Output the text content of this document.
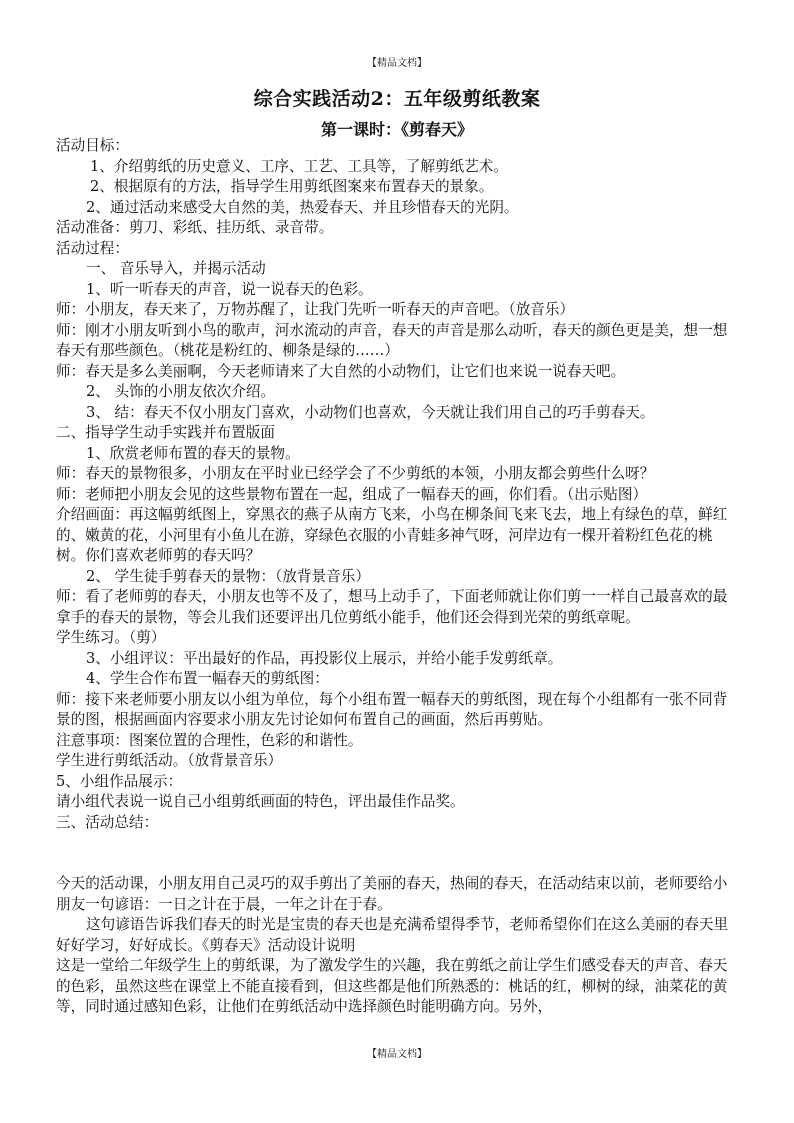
【精品文档】
综合实践活动2：五年级剪纸教案
第一课时：《剪春天》

活动目标：

1、介绍剪纸的历史意义、工序、工艺、工具等，了解剪纸艺术。

2、根据原有的方法，指导学生用剪纸图案来布置春天的景象。

2、通过活动来感受大自然的美，热爱春天、并且珍惜春天的光阴。

活动准备：剪刀、彩纸、挂历纸、录音带。

活动过程：

一、 音乐导入，并揭示活动

1、听一听春天的声音，说一说春天的色彩。

师：小朋友，春天来了，万物苏醒了，让我门先听一听春天的声音吧。（放音乐）

师：刚才小朋友听到小鸟的歌声，河水流动的声音，春天的声音是那么动听，春天的颜色更是美，想一想春天有那些颜色。（桃花是粉红的、柳条是绿的……）

师：春天是多么美丽啊，今天老师请来了大自然的小动物们，让它们也来说一说春天吧。

2、 头饰的小朋友依次介绍。

3、 结：春天不仅小朋友门喜欢，小动物们也喜欢，今天就让我们用自己的巧手剪春天。

二、指导学生动手实践并布置版面

1、欣赏老师布置的春天的景物。

师：春天的景物很多，小朋友在平时业已经学会了不少剪纸的本领，小朋友都会剪些什么呀？

师：老师把小朋友会见的这些景物布置在一起，组成了一幅春天的画，你们看。（出示贴图）

介绍画面：再这幅剪纸图上，穿黑衣的燕子从南方飞来，小鸟在柳条间飞来飞去，地上有绿色的草，鲜红的、嫩黄的花，小河里有小鱼儿在游，穿绿色衣服的小青蛙多神气呀，河岸边有一棵开着粉红色花的桃树。你们喜欢老师剪的春天吗？

2、 学生徒手剪春天的景物：（放背景音乐）

师：看了老师剪的春天，小朋友也等不及了，想马上动手了，下面老师就让你们剪一一样自己最喜欢的最拿手的春天的景物，等会儿我们还要评出几位剪纸小能手，他们还会得到光荣的剪纸章呢。

学生练习。（剪）

3、小组评议：平出最好的作品，再投影仪上展示，并给小能手发剪纸章。

4、学生合作布置一幅春天的剪纸图：

师：接下来老师要小朋友以小组为单位，每个小组布置一幅春天的剪纸图，现在每个小组都有一张不同背景的图，根据画面内容要求小朋友先讨论如何布置自己的画面，然后再剪贴。

注意事项：图案位置的合理性，色彩的和谐性。

学生进行剪纸活动。（放背景音乐）

5、小组作品展示：

请小组代表说一说自己小组剪纸画面的特色，评出最佳作品奖。

三、活动总结：

今天的活动课，小朋友用自己灵巧的双手剪出了美丽的春天，热闹的春天，在活动结束以前，老师要给小朋友一句谚语：一日之计在于晨，一年之计在于春。

这句谚语告诉我们春天的时光是宝贵的春天也是充满希望得季节，老师希望你们在这么美丽的春天里好好学习，好好成长。《剪春天》活动设计说明

这是一堂给二年级学生上的剪纸课，为了激发学生的兴趣，我在剪纸之前让学生们感受春天的声音、春天的色彩，虽然这些在课堂上不能直接看到，但这些都是他们所熟悉的：桃话的红，柳树的绿，油菜花的黄等，同时通过感知色彩，让他们在剪纸活动中选择颜色时能明确方向。另外，

【精品文档】
